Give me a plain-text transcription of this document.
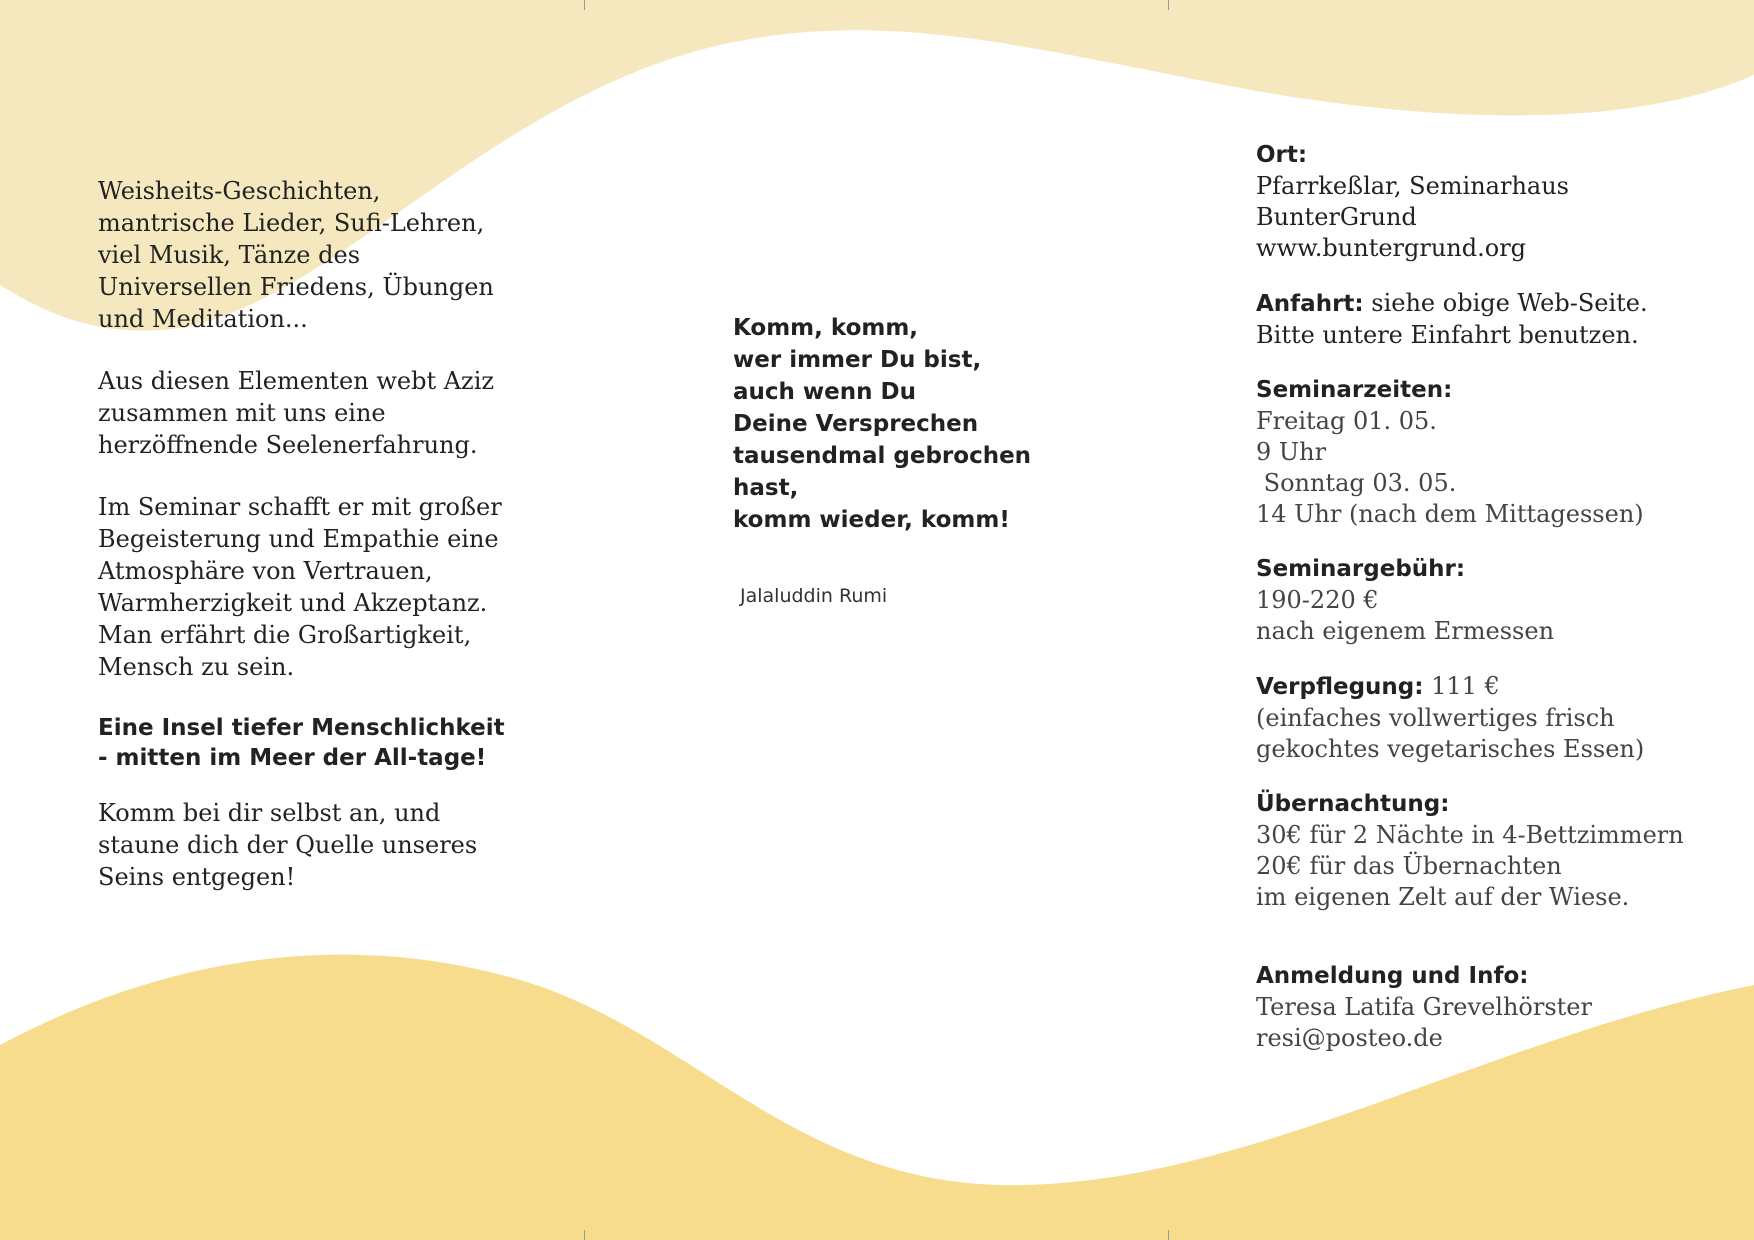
Weisheits-Geschichten, mantrische Lieder, Sufi-Lehren, viel Musik, Tänze des Universellen Friedens, Übungen und Meditation...

Aus diesen Elementen webt Aziz zusammen mit uns eine herzöffnende Seelenerfahrung.

Im Seminar schafft er mit großer Begeisterung und Empathie eine Atmosphäre von Vertrauen, Warmherzigkeit und Akzeptanz. Man erfährt die Großartigkeit, Mensch zu sein.

Eine Insel tiefer Menschlichkeit - mitten im Meer der All-tage!

Komm bei dir selbst an, und staune dich der Quelle unseres Seins entgegen!

Komm, komm,
wer immer Du bist,
auch wenn Du
Deine Versprechen
tausendmal gebrochen hast,
komm wieder, komm!
Jalaluddin Rumi
Ort:
Pfarrkeßlar, Seminarhaus
BunterGrund
www.buntergrund.org
Anfahrt: siehe obige Web-Seite.
Bitte untere Einfahrt benutzen.
Seminarzeiten:
Freitag 01. 05.
9 Uhr
Sonntag 03. 05.
14 Uhr (nach dem Mittagessen)
Seminargebühr:
190-220 €
nach eigenem Ermessen
Verpflegung: 111 €
(einfaches vollwertiges frisch
gekochtes vegetarisches Essen)
Übernachtung:
30€ für 2 Nächte in 4-Bettzimmern
20€ für das Übernachten
im eigenen Zelt auf der Wiese.
Anmeldung und Info:
Teresa Latifa Grevelhörster
resi@posteo.de
